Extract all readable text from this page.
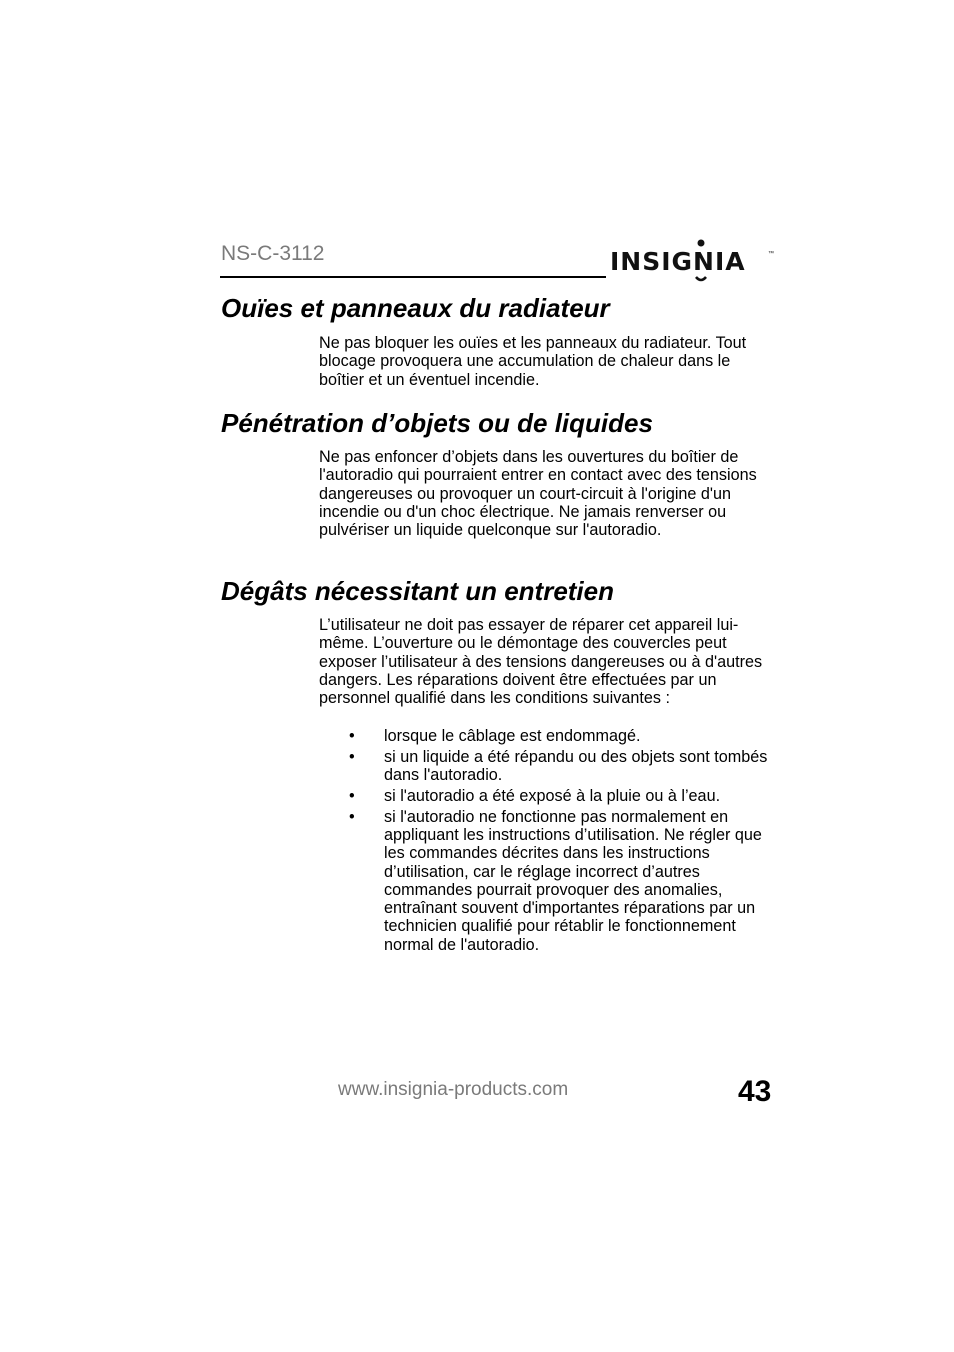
NS-C-3112	INSIGNIA	™
Ouïes et panneaux du radiateur

Ne pas bloquer les ouïes et les panneaux du radiateur. Tout blocage provoquera une accumulation de chaleur dans le boîtier et un éventuel incendie.

Pénétration d’objets ou de liquides

Ne pas enfoncer d’objets dans les ouvertures du boîtier de l'autoradio qui pourraient entrer en contact avec des tensions dangereuses ou provoquer un court-circuit à l'origine d'un incendie ou d'un choc électrique. Ne jamais renverser ou pulvériser un liquide quelconque sur l'autoradio.

Dégâts nécessitant un entretien

L’utilisateur ne doit pas essayer de réparer cet appareil lui-même. L’ouverture ou le démontage des couvercles peut exposer l’utilisateur à des tensions dangereuses ou à d'autres dangers. Les réparations doivent être effectuées par un personnel qualifié dans les conditions suivantes :

• lorsque le câblage est endommagé.
• si un liquide a été répandu ou des objets sont tombés dans l'autoradio.
• si l'autoradio a été exposé à la pluie ou à l’eau.
• si l'autoradio ne fonctionne pas normalement en appliquant les instructions d’utilisation. Ne régler que les commandes décrites dans les instructions d’utilisation, car le réglage incorrect d’autres commandes pourrait provoquer des anomalies, entraînant souvent d'importantes réparations par un technicien qualifié pour rétablir le fonctionnement normal de l'autoradio.
www.insignia-products.com	43
